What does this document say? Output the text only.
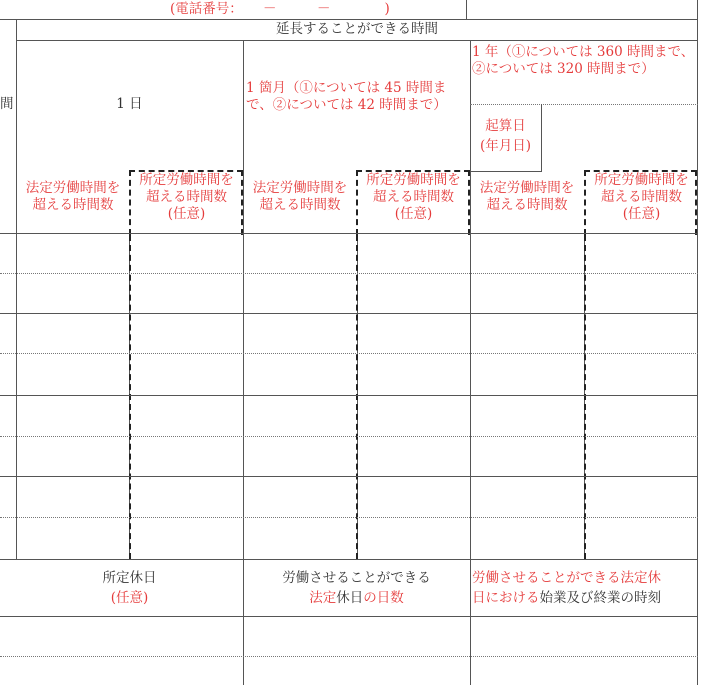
(電話番号：　　－　　　－　　　　)
延長することができる時間
間	1 日
1 箇月（①については 45 時間まで、②については 42 時間まで）
1 年（①については 360 時間まで、②については 320 時間まで）
起算日
(年月日)
法定労働時間を
超える時間数
所定労働時間を
超える時間数
(任意)
法定労働時間を
超える時間数
所定労働時間を
超える時間数
(任意)
法定労働時間を
超える時間数
所定労働時間を
超える時間数
(任意)
所定休日
(任意)
労働させることができる
法定休日の日数
労働させることができる法定休
日における始業及び終業の時刻
